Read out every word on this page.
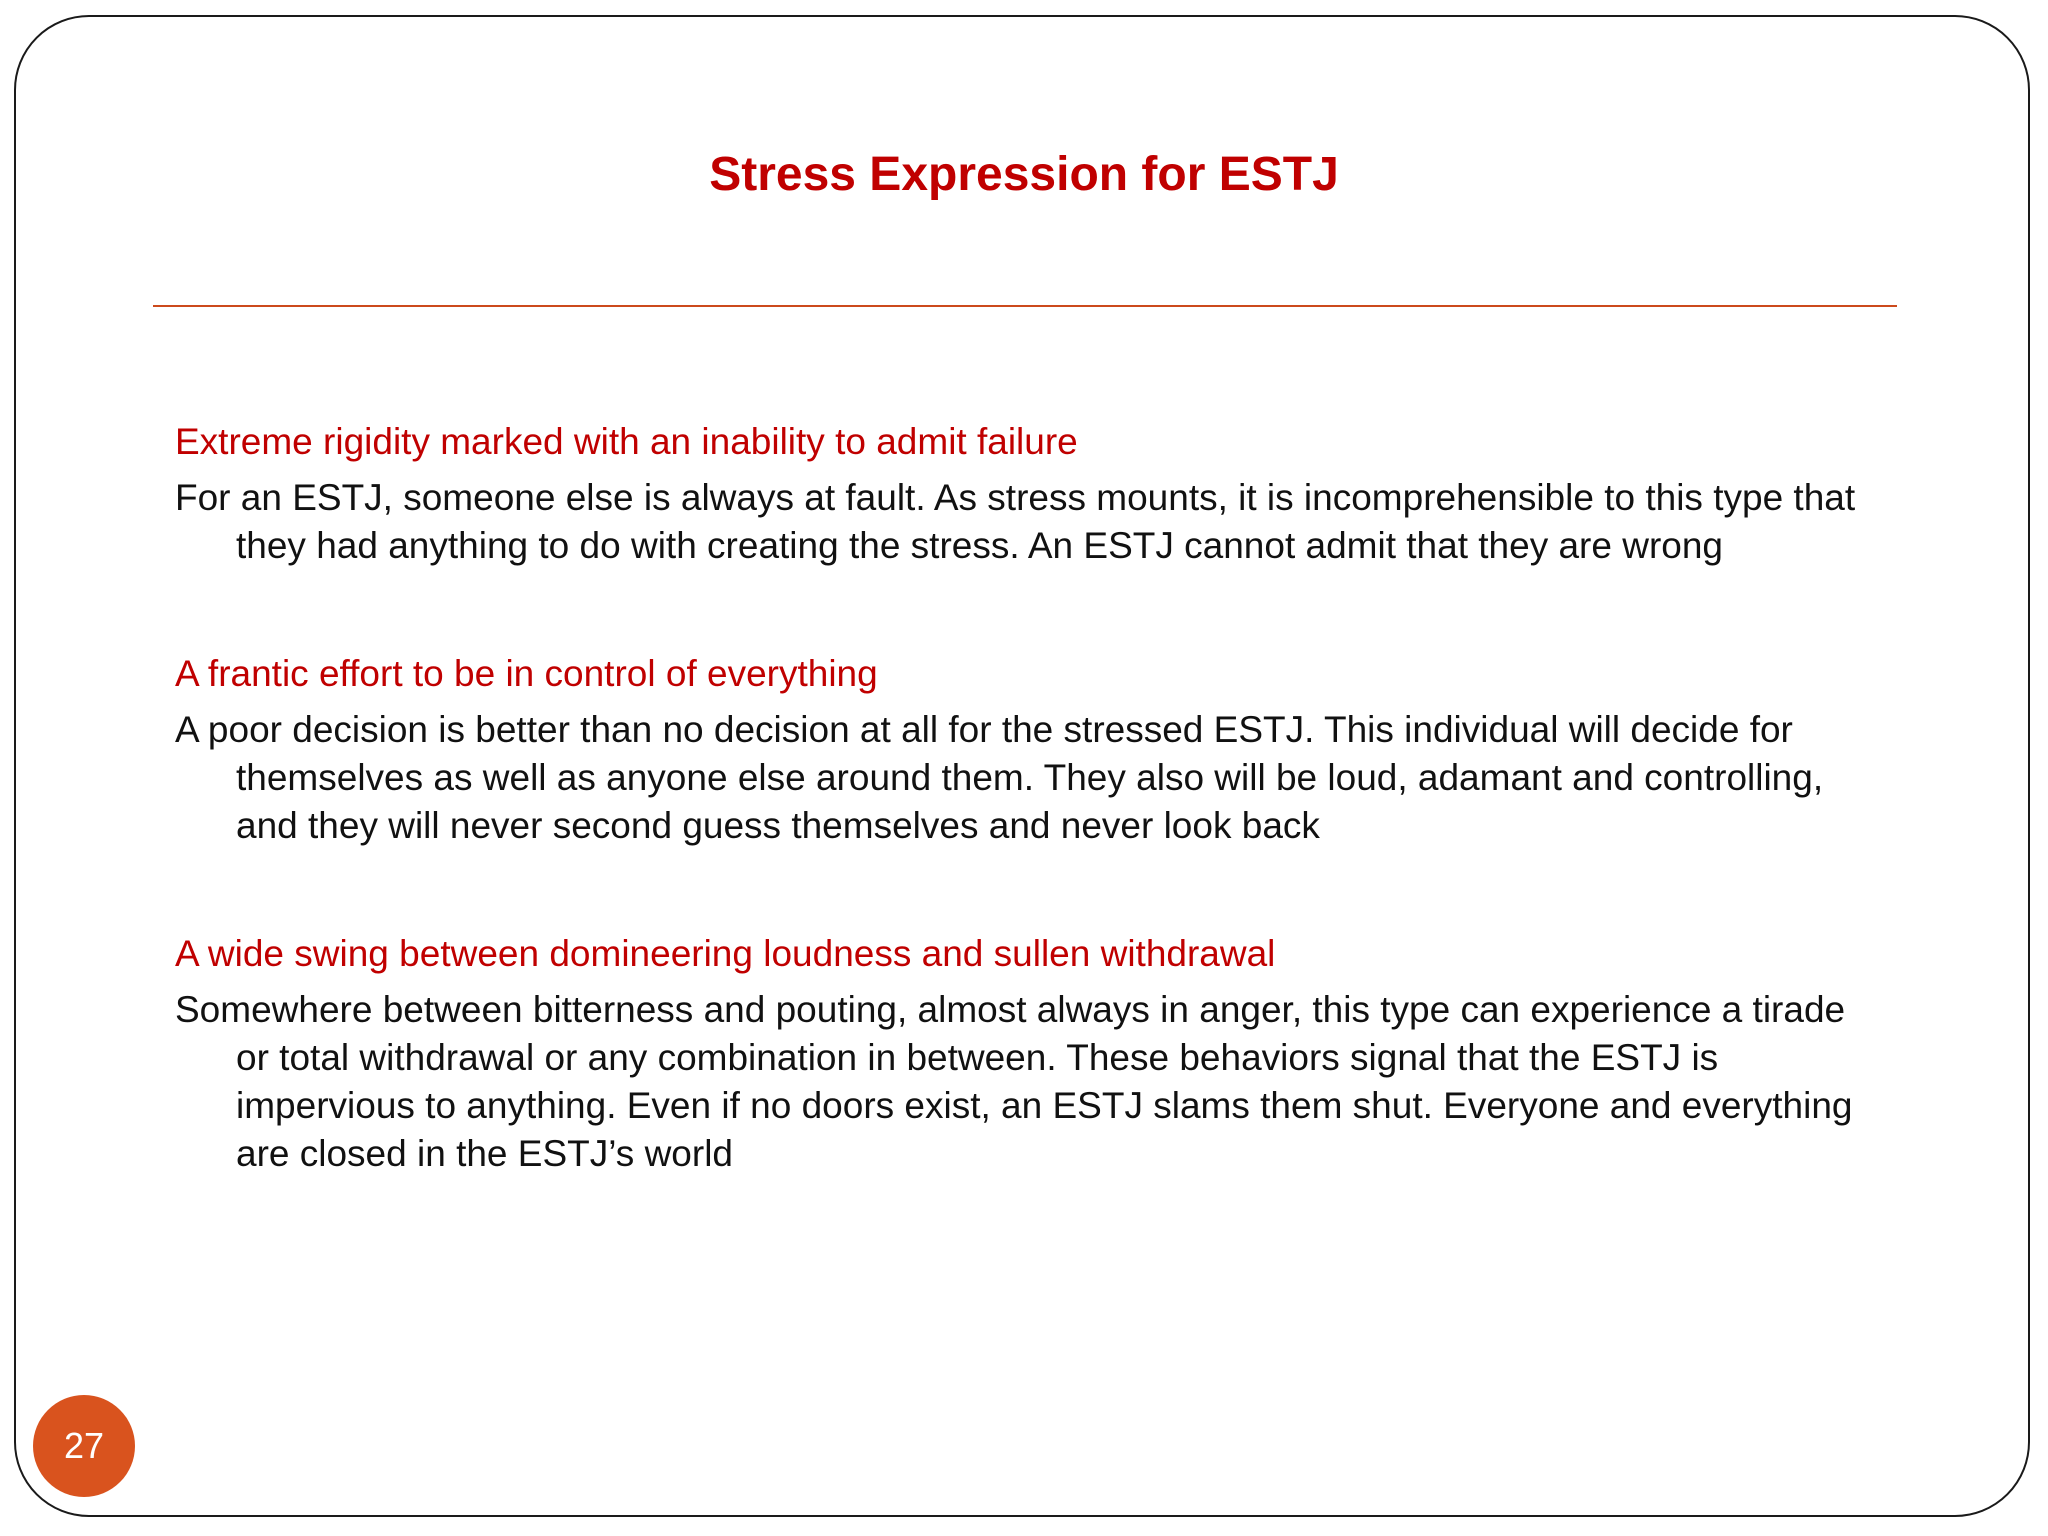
Stress Expression for ESTJ

Extreme rigidity marked with an inability to admit failure

For an ESTJ, someone else is always at fault. As stress mounts, it is incomprehensible to this type that they had anything to do with creating the stress. An ESTJ cannot admit that they are wrong

A frantic effort to be in control of everything

A poor decision is better than no decision at all for the stressed ESTJ. This individual will decide for themselves as well as anyone else around them. They also will be loud, adamant and controlling, and they will never second guess themselves and never look back

A wide swing between domineering loudness and sullen withdrawal

Somewhere between bitterness and pouting, almost always in anger, this type can experience a tirade or total withdrawal or any combination in between. These behaviors signal that the ESTJ is impervious to anything. Even if no doors exist, an ESTJ slams them shut. Everyone and everything are closed in the ESTJ’s world

27
